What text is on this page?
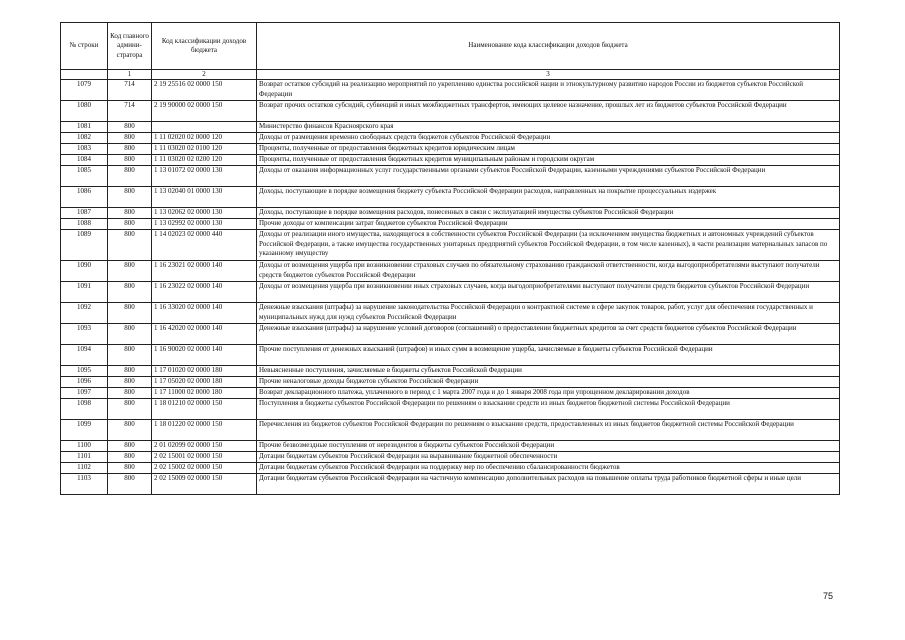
№ строки	Код главного админи-стратора	Код классификации доходов бюджета	Наименование кода классификации доходов бюджета
	1	2	3
1079	714	2 19 25516 02 0000 150	Возврат остатков субсидий на реализацию мероприятий по укреплению единства российской нации и этнокультурному развитию народов России из бюджетов субъектов Российской Федерации
1080	714	2 19 90000 02 0000 150	Возврат прочих остатков субсидий, субвенций и иных межбюджетных трансфертов, имеющих целевое назначение, прошлых лет из бюджетов субъектов Российской Федерации
1081	800		Министерство финансов Красноярского края
1082	800	1 11 02020 02 0000 120	Доходы от размещения временно свободных средств бюджетов субъектов Российской Федерации
1083	800	1 11 03020 02 0100 120	Проценты, полученные от предоставления бюджетных кредитов юридическим лицам
1084	800	1 11 03020 02 0200 120	Проценты, полученные от предоставления бюджетных кредитов муниципальным районам и городским округам
1085	800	1 13 01072 02 0000 130	Доходы от оказания информационных услуг государственными органами субъектов Российской Федерации, казенными учреждениями субъектов Российской Федерации
1086	800	1 13 02040 01 0000 130	Доходы, поступающие в порядке возмещения бюджету субъекта Российской Федерации расходов, направленных на покрытие процессуальных издержек
1087	800	1 13 02062 02 0000 130	Доходы, поступающие в порядке возмещения расходов, понесенных в связи с эксплуатацией имущества субъектов Российской Федерации
1088	800	1 13 02992 02 0000 130	Прочие доходы от компенсации затрат бюджетов субъектов Российской Федерации
1089	800	1 14 02023 02 0000 440	Доходы от реализации иного имущества, находящегося в собственности субъектов Российской Федерации (за исключением имущества бюджетных и автономных учреждений субъектов Российской Федерации, а также имущества государственных унитарных предприятий субъектов Российской Федерации, в том числе казенных), в части реализации материальных запасов по указанному имуществу
1090	800	1 16 23021 02 0000 140	Доходы от возмещения ущерба при возникновении страховых случаев по обязательному страхованию гражданской ответственности, когда выгодоприобретателями выступают получатели средств бюджетов субъектов Российской Федерации
1091	800	1 16 23022 02 0000 140	Доходы от возмещения ущерба при возникновении иных страховых случаев, когда выгодоприобретателями выступают получатели средств бюджетов субъектов Российской Федерации
1092	800	1 16 33020 02 0000 140	Денежные взыскания (штрафы) за нарушение законодательства Российской Федерации о контрактной системе в сфере закупок товаров, работ, услуг для обеспечения государственных и муниципальных нужд для нужд субъектов Российской Федерации
1093	800	1 16 42020 02 0000 140	Денежные взыскания (штрафы) за нарушение условий договоров (соглашений) о предоставлении бюджетных кредитов за счет средств бюджетов субъектов Российской Федерации
1094	800	1 16 90020 02 0000 140	Прочие поступления от денежных взысканий (штрафов) и иных сумм в возмещение ущерба, зачисляемые в бюджеты субъектов Российской Федерации
1095	800	1 17 01020 02 0000 180	Невыясненные поступления, зачисляемые в бюджеты субъектов Российской Федерации
1096	800	1 17 05020 02 0000 180	Прочие неналоговые доходы бюджетов субъектов Российской Федерации
1097	800	1 17 11000 02 0000 180	Возврат декларационного платежа, уплаченного в период с 1 марта 2007 года и до 1 января 2008 года при упрощенном декларировании доходов
1098	800	1 18 01210 02 0000 150	Поступления в бюджеты субъектов Российской Федерации по решениям о взыскании средств из иных бюджетов бюджетной системы Российской Федерации
1099	800	1 18 01220 02 0000 150	Перечисления из бюджетов субъектов Российской Федерации по решениям о взыскании средств, предоставленных из иных бюджетов бюджетной системы Российской Федерации
1100	800	2 01 02099 02 0000 150	Прочие безвозмездные поступления от нерезидентов в бюджеты субъектов Российской Федерации
1101	800	2 02 15001 02 0000 150	Дотации бюджетам субъектов Российской Федерации на выравнивание бюджетной обеспеченности
1102	800	2 02 15002 02 0000 150	Дотации бюджетам субъектов Российской Федерации на поддержку мер по обеспечению сбалансированности бюджетов
1103	800	2 02 15009 02 0000 150	Дотации бюджетам субъектов Российской Федерации на частичную компенсацию дополнительных расходов на повышение оплаты труда работников бюджетной сферы и иные цели
75
